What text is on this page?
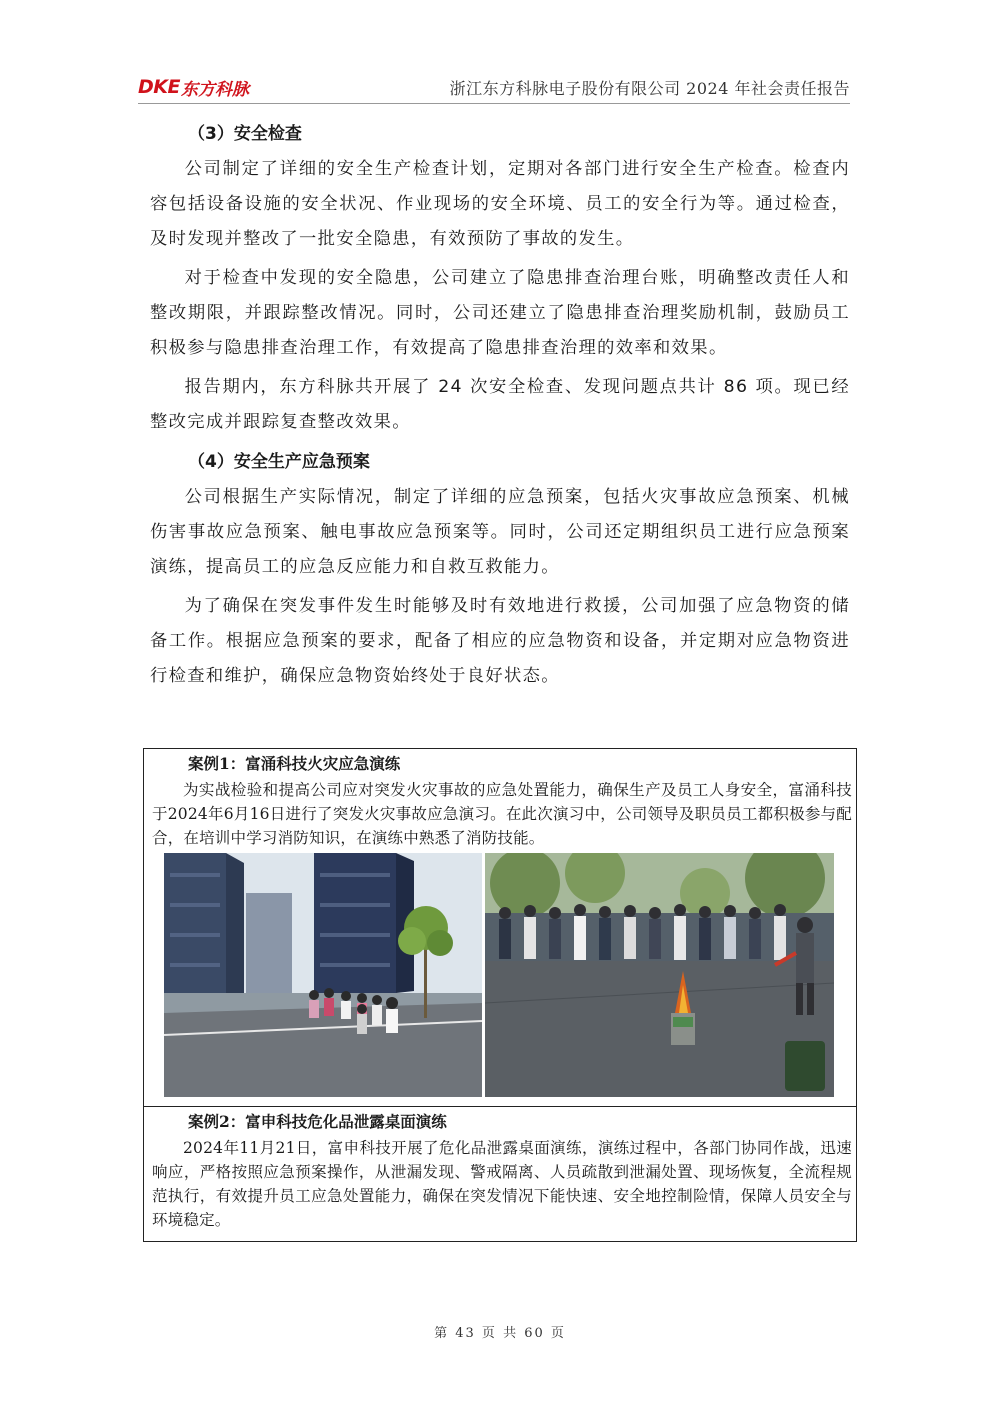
DKE 东方科脉	浙江东方科脉电子股份有限公司 2024 年社会责任报告
（3）安全检查

公司制定了详细的安全生产检查计划，定期对各部门进行安全生产检查。检查内容包括设备设施的安全状况、作业现场的安全环境、员工的安全行为等。通过检查，及时发现并整改了一批安全隐患，有效预防了事故的发生。

对于检查中发现的安全隐患，公司建立了隐患排查治理台账，明确整改责任人和整改期限，并跟踪整改情况。同时，公司还建立了隐患排查治理奖励机制，鼓励员工积极参与隐患排查治理工作，有效提高了隐患排查治理的效率和效果。

报告期内，东方科脉共开展了 24 次安全检查、发现问题点共计 86 项。现已经整改完成并跟踪复查整改效果。

（4）安全生产应急预案

公司根据生产实际情况，制定了详细的应急预案，包括火灾事故应急预案、机械伤害事故应急预案、触电事故应急预案等。同时，公司还定期组织员工进行应急预案演练，提高员工的应急反应能力和自救互救能力。

为了确保在突发事件发生时能够及时有效地进行救援，公司加强了应急物资的储备工作。根据应急预案的要求，配备了相应的应急物资和设备，并定期对应急物资进行检查和维护，确保应急物资始终处于良好状态。

案例1：富涌科技火灾应急演练

为实战检验和提高公司应对突发火灾事故的应急处置能力，确保生产及员工人身安全，富涌科技于2024年6月16日进行了突发火灾事故应急演习。在此次演习中，公司领导及职员员工都积极参与配合，在培训中学习消防知识，在演练中熟悉了消防技能。

案例2：富申科技危化品泄露桌面演练

2024年11月21日，富申科技开展了危化品泄露桌面演练，演练过程中，各部门协同作战，迅速响应，严格按照应急预案操作，从泄漏发现、警戒隔离、人员疏散到泄漏处置、现场恢复，全流程规范执行，有效提升员工应急处置能力，确保在突发情况下能快速、安全地控制险情，保障人员安全与环境稳定。

第 43 页 共 60 页
